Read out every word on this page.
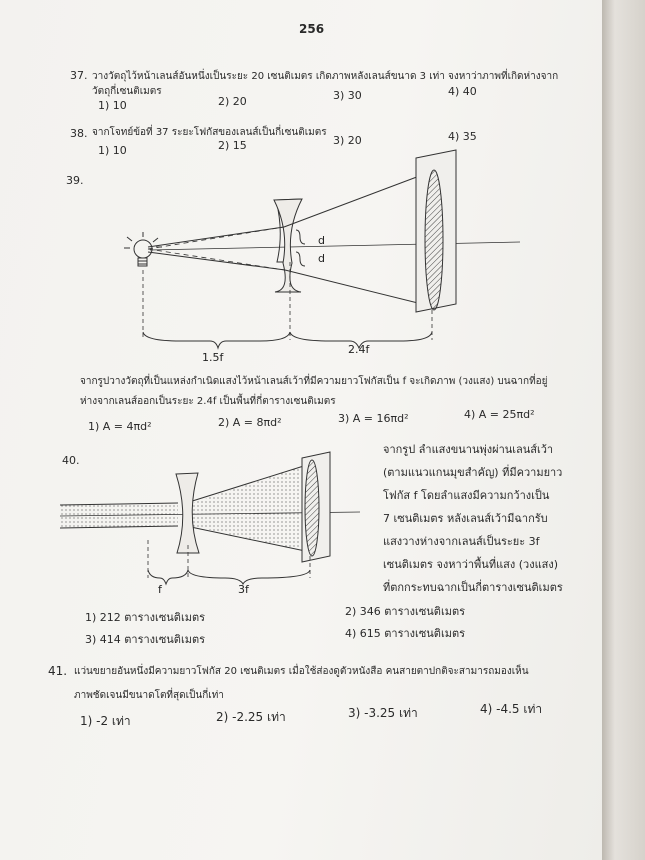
256
37. วางวัตถุไว้หน้าเลนส์อันหนึ่งเป็นระยะ 20 เซนติเมตร เกิดภาพหลังเลนส์ขนาด 3 เท่า จงหาว่าภาพที่เกิดห่างจาก
วัตถุกี่เซนติเมตร
1) 10	2) 20	3) 30	4) 40
38. จากโจทย์ข้อที่ 37 ระยะโฟกัสของเลนส์เป็นกี่เซนติเมตร
1) 10	2) 15	3) 20	4) 35
39.
d
d
1.5f
2.4f
จากรูปวางวัตถุที่เป็นแหล่งกำเนิดแสงไว้หน้าเลนส์เว้าที่มีความยาวโฟกัสเป็น f จะเกิดภาพ (วงแสง) บนฉากที่อยู่
ห่างจากเลนส์ออกเป็นระยะ 2.4f เป็นพื้นที่กี่ตารางเซนติเมตร
1) A = 4πd²	2) A = 8πd²	3) A = 16πd²	4) A = 25πd²
40.
f	3f
จากรูป ลำแสงขนานพุ่งผ่านเลนส์เว้า
(ตามแนวแกนมุขสำคัญ) ที่มีความยาว
โฟกัส f โดยลำแสงมีความกว้างเป็น
7 เซนติเมตร หลังเลนส์เว้ามีฉากรับ
แสงวางห่างจากเลนส์เป็นระยะ 3f
เซนติเมตร จงหาว่าพื้นที่แสง (วงแสง)
ที่ตกกระทบฉากเป็นกี่ตารางเซนติเมตร
1) 212 ตารางเซนติเมตร	2) 346 ตารางเซนติเมตร
3) 414 ตารางเซนติเมตร	4) 615 ตารางเซนติเมตร
41. แว่นขยายอันหนึ่งมีความยาวโฟกัส 20 เซนติเมตร เมื่อใช้ส่องดูตัวหนังสือ คนสายตาปกติจะสามารถมองเห็น
ภาพชัดเจนมีขนาดโตที่สุดเป็นกี่เท่า
1) -2 เท่า	2) -2.25 เท่า	3) -3.25 เท่า	4) -4.5 เท่า
